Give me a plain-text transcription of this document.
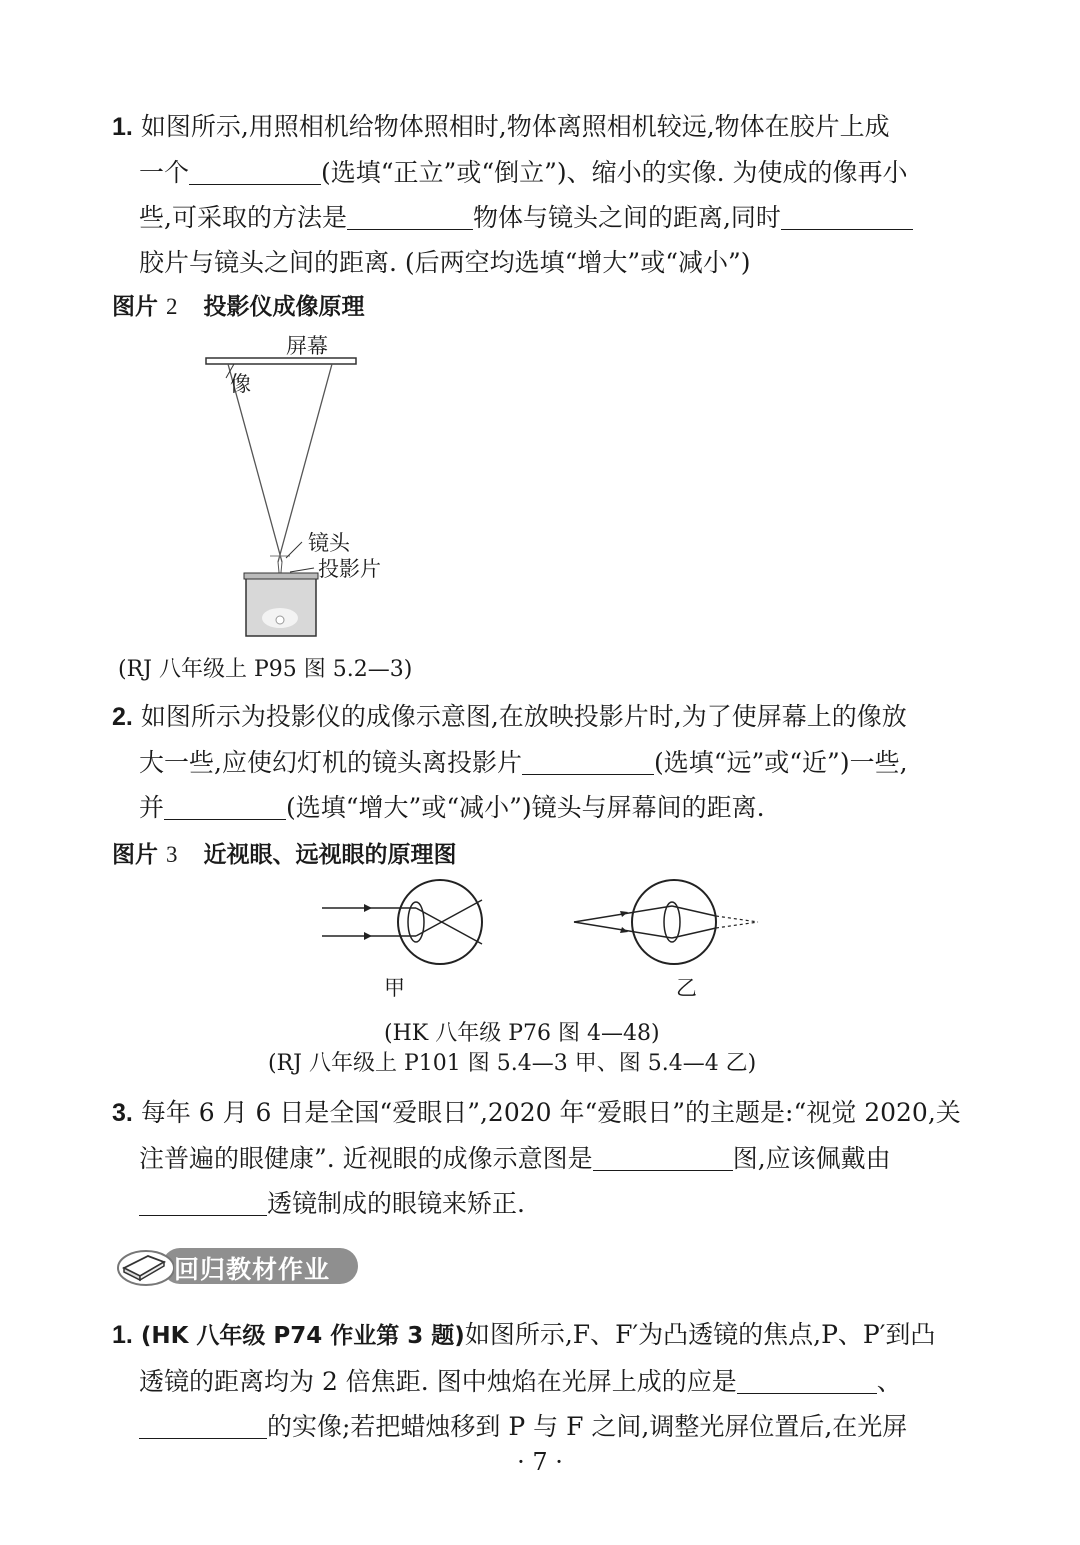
1. 如图所示,用照相机给物体照相时,物体离照相机较远,物体在胶片上成
一个	(选填“正立”或“倒立”)、缩小的实像. 为使成的像再小
些,可采取的方法是	物体与镜头之间的距离,同时
胶片与镜头之间的距离. (后两空均选填“增大”或“减小”)
图片 2 投影仪成像原理
屏幕
像
镜头
投影片
(RJ 八年级上 P95 图 5.2—3)
2. 如图所示为投影仪的成像示意图,在放映投影片时,为了使屏幕上的像放
大一些,应使幻灯机的镜头离投影片	(选填“远”或“近”)一些,
并	(选填“增大”或“减小”)镜头与屏幕间的距离.
图片 3 近视眼、远视眼的原理图
甲	乙
(HK 八年级 P76 图 4—48)
(RJ 八年级上 P101 图 5.4—3 甲、图 5.4—4 乙)
3. 每年 6 月 6 日是全国“爱眼日”,2020 年“爱眼日”的主题是:“视觉 2020,关
注普遍的眼健康”. 近视眼的成像示意图是	图,应该佩戴由
透镜制成的眼镜来矫正.
回归教材作业
1. (HK 八年级 P74 作业第 3 题)如图所示,F、F′为凸透镜的焦点,P、P′到凸
透镜的距离均为 2 倍焦距. 图中烛焰在光屏上成的应是	、
的实像;若把蜡烛移到 P 与 F 之间,调整光屏位置后,在光屏
· 7 ·
